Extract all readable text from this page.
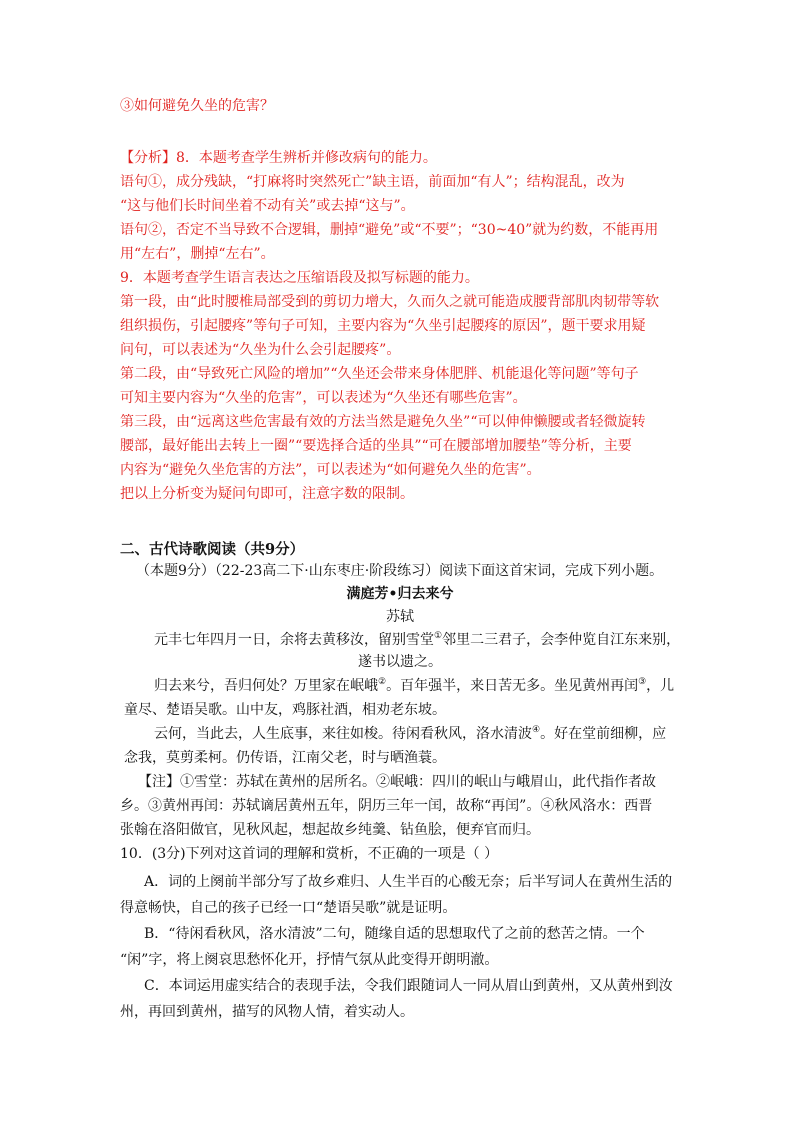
③如何避免久坐的危害？
【分析】8．本题考查学生辨析并修改病句的能力。
语句①，成分残缺，“打麻将时突然死亡”缺主语，前面加“有人”；结构混乱，改为
“这与他们长时间坐着不动有关”或去掉“这与”。
语句②，否定不当导致不合逻辑，删掉“避免”或“不要”；“30~40”就为约数，不能再用
用“左右”，删掉“左右”。
9．本题考查学生语言表达之压缩语段及拟写标题的能力。
第一段，由“此时腰椎局部受到的剪切力增大，久而久之就可能造成腰背部肌肉韧带等软
组织损伤，引起腰疼”等句子可知，主要内容为“久坐引起腰疼的原因”，题干要求用疑
问句，可以表述为“久坐为什么会引起腰疼”。
第二段，由“导致死亡风险的增加”“久坐还会带来身体肥胖、机能退化等问题”等句子
可知主要内容为“久坐的危害”，可以表述为“久坐还有哪些危害”。
第三段，由“远离这些危害最有效的方法当然是避免久坐”“可以伸伸懒腰或者轻微旋转
腰部，最好能出去转上一圈”“要选择合适的坐具”“可在腰部增加腰垫”等分析，主要
内容为“避免久坐危害的方法”，可以表述为“如何避免久坐的危害”。
把以上分析变为疑问句即可，注意字数的限制。
二、古代诗歌阅读（共9分）
（本题9分）（22-23高二下·山东枣庄·阶段练习）阅读下面这首宋词，完成下列小题。
满庭芳•归去来兮
苏轼
元丰七年四月一日，余将去黄移汝，留别雪堂①邻里二三君子，会李仲览自江东来别，
遂书以遗之。
归去来兮，吾归何处？万里家在岷峨②。百年强半，来日苦无多。坐见黄州再闰③，儿
童尽、楚语吴歌。山中友，鸡豚社酒，相劝老东坡。
云何，当此去，人生底事，来往如梭。待闲看秋风，洛水清波④。好在堂前细柳，应
念我，莫剪柔柯。仍传语，江南父老，时与晒渔蓑。
【注】①雪堂：苏轼在黄州的居所名。②岷峨：四川的岷山与峨眉山，此代指作者故
乡。③黄州再闰：苏轼谪居黄州五年，阴历三年一闰，故称“再闰”。④秋风洛水：西晋
张翰在洛阳做官，见秋风起，想起故乡纯羹、钻鱼脍，便弃官而归。
10．(3分)下列对这首词的理解和赏析，不正确的一项是（ ）
A．词的上阕前半部分写了故乡难归、人生半百的心酸无奈；后半写词人在黄州生活的
得意畅快，自己的孩子已经一口“楚语吴歌”就是证明。
B．“待闲看秋风，洛水清波”二句，随缘自适的思想取代了之前的愁苦之情。一个
“闲”字，将上阕哀思愁怀化开，抒情气氛从此变得开朗明澈。
C．本词运用虚实结合的表现手法，令我们跟随词人一同从眉山到黄州，又从黄州到汝
州，再回到黄州，描写的风物人情，着实动人。
